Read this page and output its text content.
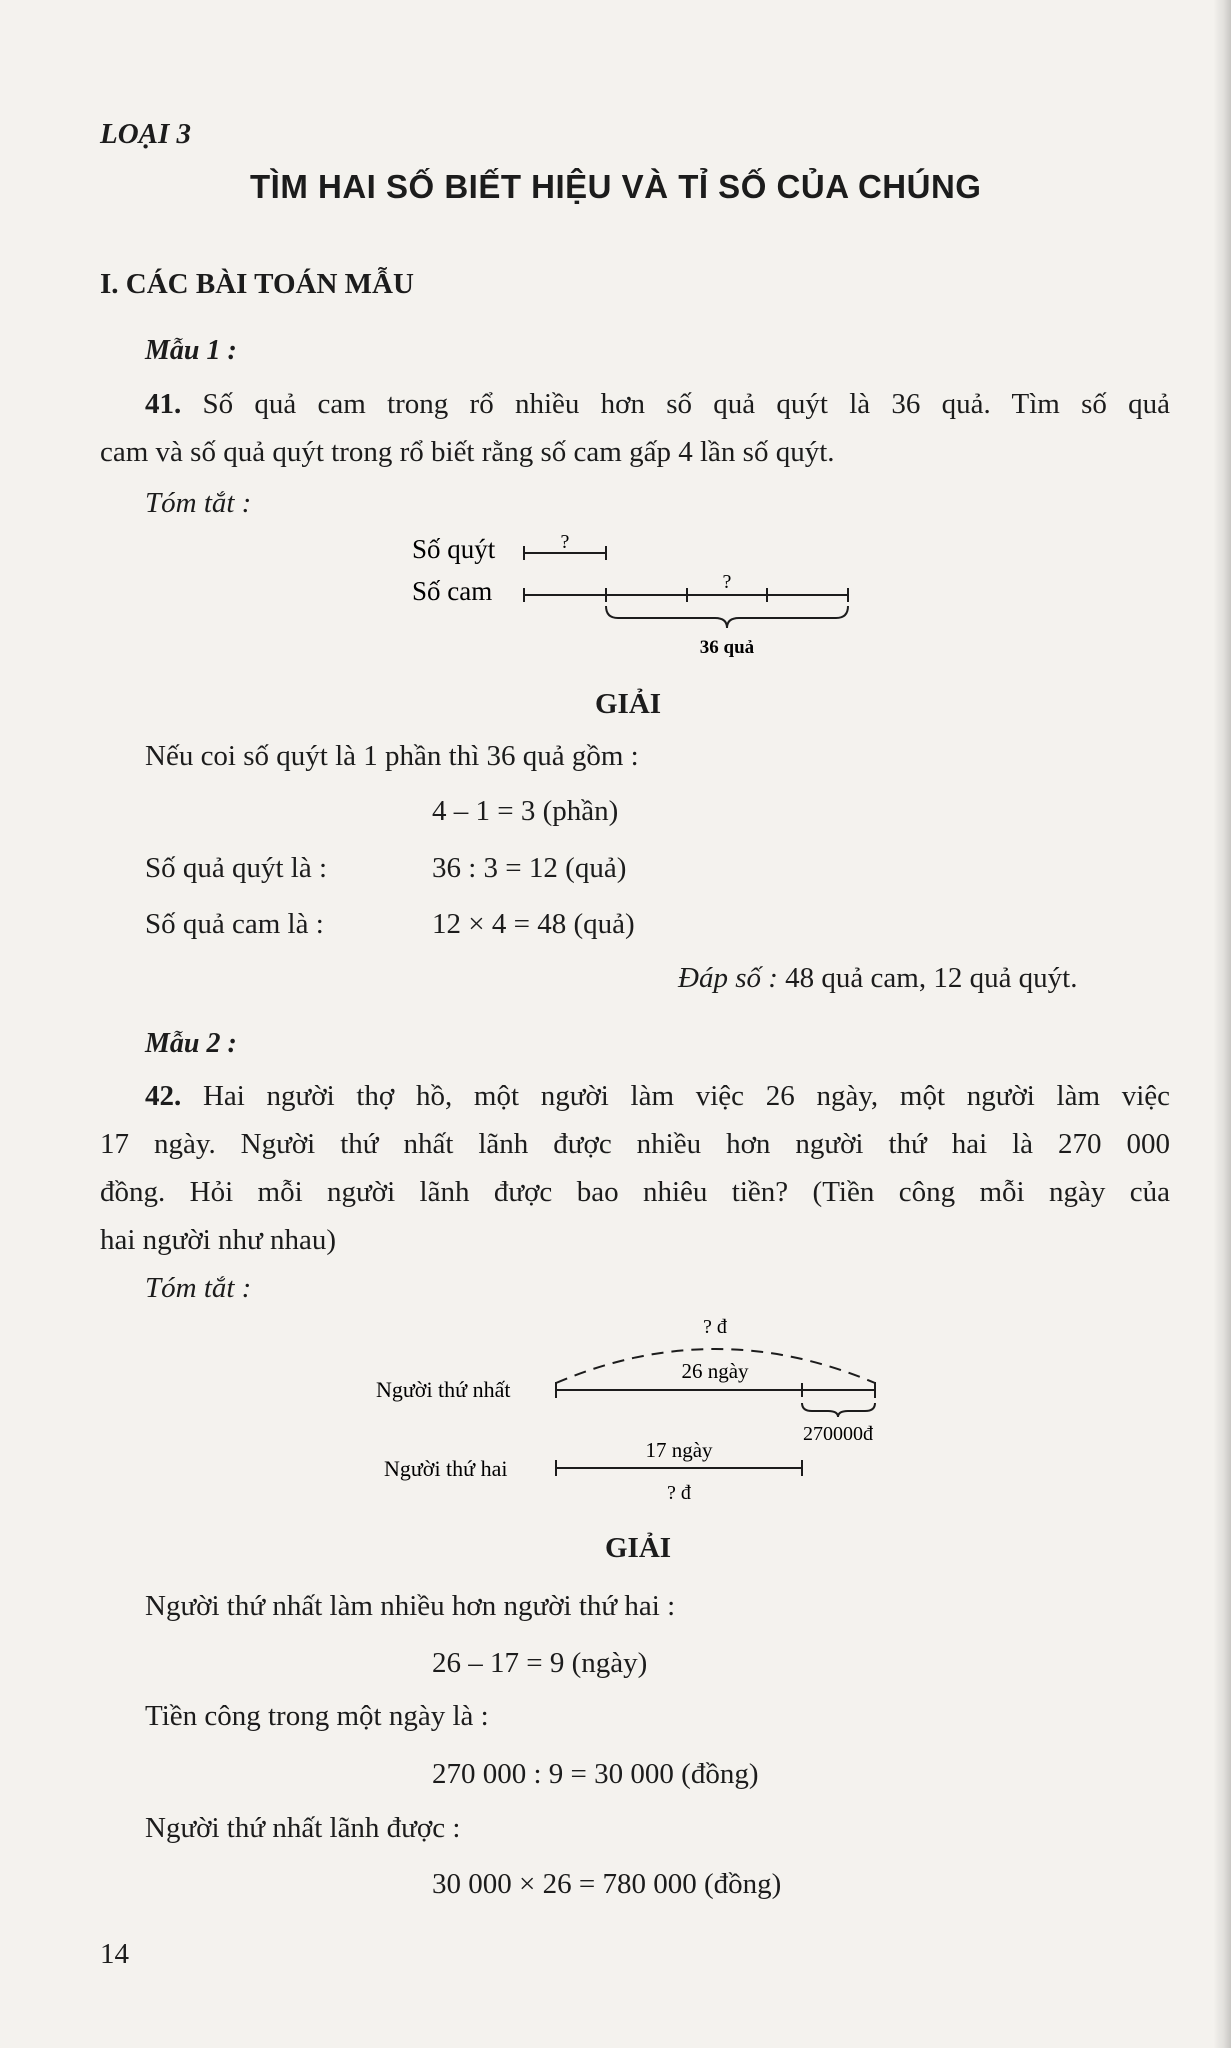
LOẠI 3
TÌM HAI SỐ BIẾT HIỆU VÀ TỈ SỐ CỦA CHÚNG
I. CÁC BÀI TOÁN MẪU
Mẫu 1 :
41. Số quả cam trong rổ nhiều hơn số quả quýt là 36 quả. Tìm số quả
cam và số quả quýt trong rổ biết rằng số cam gấp 4 lần số quýt.
Tóm tắt :
Số quýt
Số cam
?
?
36 quả
GIẢI
Nếu coi số quýt là 1 phần thì 36 quả gồm :
4 – 1 = 3 (phần)
Số quả quýt là :	36 : 3 = 12 (quả)
Số quả cam là :	12 × 4 = 48 (quả)
Đáp số : 48 quả cam, 12 quả quýt.
Mẫu 2 :
42. Hai người thợ hồ, một người làm việc 26 ngày, một người làm việc
17 ngày. Người thứ nhất lãnh được nhiều hơn người thứ hai là 270 000
đồng. Hỏi mỗi người lãnh được bao nhiêu tiền? (Tiền công mỗi ngày của
hai người như nhau)
Tóm tắt :
Người thứ nhất
Người thứ hai
? đ
26 ngày
270000đ
17 ngày
? đ
GIẢI
Người thứ nhất làm nhiều hơn người thứ hai :
26 – 17 = 9 (ngày)
Tiền công trong một ngày là :
270 000 : 9 = 30 000 (đồng)
Người thứ nhất lãnh được :
30 000 × 26 = 780 000 (đồng)
14
